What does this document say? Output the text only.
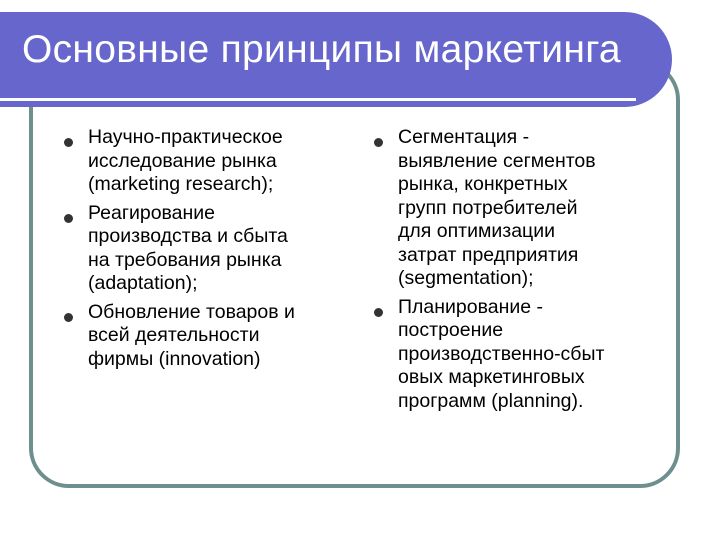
Основные принципы маркетинга
Научно-практическое
исследование рынка
(marketing research);
Реагирование
производства и сбыта
на требования рынка
(adaptation);
Обновление товаров и
всей деятельности
фирмы (innovation)
Сегментация -
выявление сегментов
рынка, конкретных
групп потребителей
для оптимизации
затрат предприятия
(segmentation);
Планирование -
построение
производственно-сбыт
овых маркетинговых
программ (planning).
